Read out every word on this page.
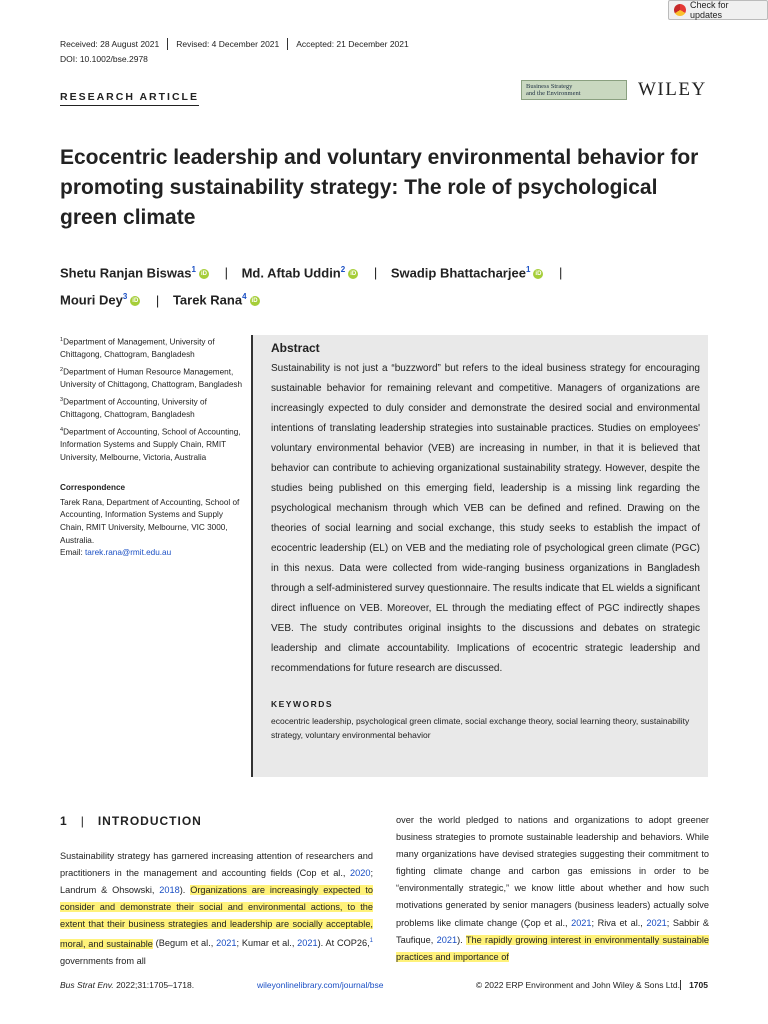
Check for updates
Received: 28 August 2021	Revised: 4 December 2021	Accepted: 21 December 2021
DOI: 10.1002/bse.2978
RESEARCH ARTICLE
Business Strategy
and the Environment	WILEY
Ecocentric leadership and voluntary environmental behavior for promoting sustainability strategy: The role of psychological green climate
Shetu Ranjan Biswas$^1$ iD | Md. Aftab Uddin$^2$ iD | Swadip Bhattacharjee$^1$ iD |
Mouri Dey$^3$ iD | Tarek Rana$^4$ iD

$^1$Department of Management, University of Chittagong, Chattogram, Bangladesh

$^2$Department of Human Resource Management, University of Chittagong, Chattogram, Bangladesh

$^3$Department of Accounting, University of Chittagong, Chattogram, Bangladesh

$^4$Department of Accounting, School of Accounting, Information Systems and Supply Chain, RMIT University, Melbourne, Victoria, Australia

Correspondence

Tarek Rana, Department of Accounting, School of Accounting, Information Systems and Supply Chain, RMIT University, Melbourne, VIC 3000, Australia.
Email: tarek.rana@rmit.edu.au

Abstract

Sustainability is not just a “buzzword” but refers to the ideal business strategy for encouraging sustainable behavior for remaining relevant and competitive. Managers of organizations are increasingly expected to duly consider and demonstrate the desired social and environmental intentions of translating leadership strategies into sustainable practices. Studies on employees' voluntary environmental behavior (VEB) are increasing in number, in that it is believed that behavior can contribute to achieving organizational sustainability strategy. However, despite the studies being published on this emerging field, leadership is a missing link regarding the psychological mechanism through which VEB can be defined and refined. Drawing on the theories of social learning and social exchange, this study seeks to establish the impact of ecocentric leadership (EL) on VEB and the mediating role of psychological green climate (PGC) in this nexus. Data were collected from wide-ranging business organizations in Bangladesh through a self-administered survey questionnaire. The results indicate that EL wields a significant direct influence on VEB. Moreover, EL through the mediating effect of PGC indirectly shapes VEB. The study contributes original insights to the discussions and debates on strategic leadership and climate accountability. Implications of ecocentric strategic leadership and recommendations for future research are discussed.

KEYWORDS
ecocentric leadership, psychological green climate, social exchange theory, social learning theory, sustainability strategy, voluntary environmental behavior
1 | INTRODUCTION

Sustainability strategy has garnered increasing attention of researchers and practitioners in the management and accounting fields (Cop et al., 2020; Landrum & Ohsowski, 2018). Organizations are increasingly expected to consider and demonstrate their social and environmental actions, to the extent that their business strategies and leadership are socially acceptable, moral, and sustainable (Begum et al., 2021; Kumar et al., 2021). At COP26,$^1$ governments from all

over the world pledged to nations and organizations to adopt greener business strategies to promote sustainable leadership and behaviors. While many organizations have devised strategies suggesting their commitment to fighting climate change and carbon gas emissions in order to be “environmentally strategic,” we know little about whether and how such motivations generated by senior managers (business leaders) actually solve problems like climate change (Çop et al., 2021; Riva et al., 2021; Sabbir & Taufique, 2021). The rapidly growing interest in environmentally sustainable practices and importance of

Bus Strat Env. 2022;31:1705–1718.	wileyonlinelibrary.com/journal/bse	© 2022 ERP Environment and John Wiley & Sons Ltd.	1705
